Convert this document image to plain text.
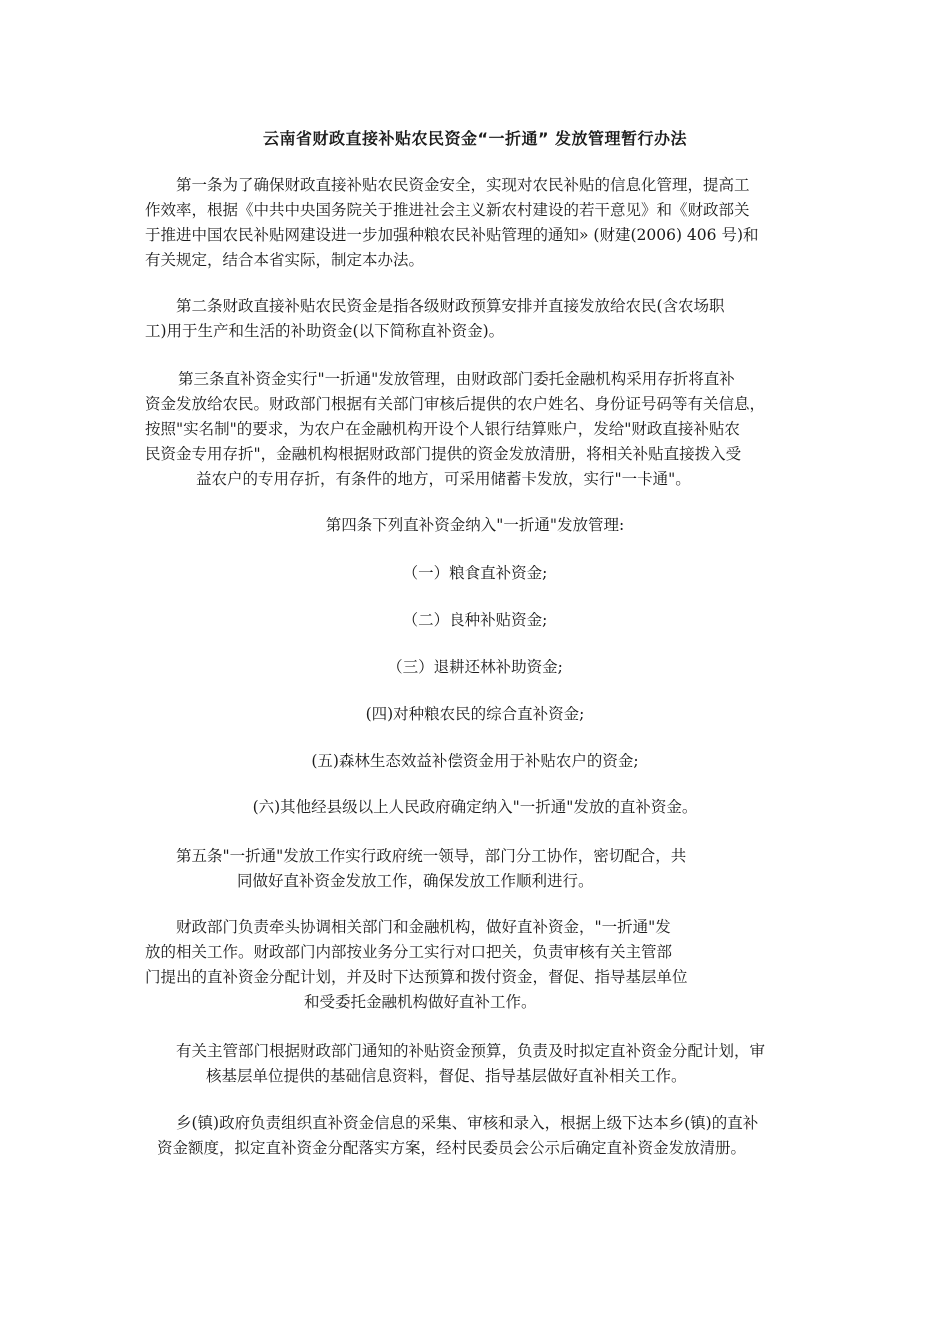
云南省财政直接补贴农民资金“一折通” 发放管理暂行办法
第一条为了确保财政直接补贴农民资金安全，实现对农民补贴的信息化管理，提高工
作效率，根据《中共中央国务院关于推进社会主义新农村建设的若干意见》和《财政部关
于推进中国农民补贴网建设进一步加强种粮农民补贴管理的通知» (财建(2006) 406 号)和
有关规定，结合本省实际，制定本办法。
第二条财政直接补贴农民资金是指各级财政预算安排并直接发放给农民(含农场职
工)用于生产和生活的补助资金(以下简称直补资金)。
第三条直补资金实行"一折通"发放管理，由财政部门委托金融机构采用存折将直补
资金发放给农民。财政部门根据有关部门审核后提供的农户姓名、身份证号码等有关信息，
按照"实名制"的要求，为农户在金融机构开设个人银行结算账户，发给"财政直接补贴农
民资金专用存折"，金融机构根据财政部门提供的资金发放清册，将相关补贴直接拨入受
益农户的专用存折，有条件的地方，可采用储蓄卡发放，实行"一卡通"。
第四条下列直补资金纳入"一折通"发放管理:
（一）粮食直补资金;
（二）良种补贴资金;
（三）退耕还林补助资金;
(四)对种粮农民的综合直补资金;
(五)森林生态效益补偿资金用于补贴农户的资金;
(六)其他经县级以上人民政府确定纳入"一折通"发放的直补资金。
第五条"一折通"发放工作实行政府统一领导，部门分工协作，密切配合，共
同做好直补资金发放工作，确保发放工作顺利进行。
财政部门负责牵头协调相关部门和金融机构，做好直补资金，"一折通"发
放的相关工作。财政部门内部按业务分工实行对口把关，负责审核有关主管部
门提出的直补资金分配计划，并及时下达预算和拨付资金，督促、指导基层单位
和受委托金融机构做好直补工作。
有关主管部门根据财政部门通知的补贴资金预算，负责及时拟定直补资金分配计划，审
核基层单位提供的基础信息资料，督促、指导基层做好直补相关工作。
乡(镇)政府负责组织直补资金信息的采集、审核和录入，根据上级下达本乡(镇)的直补
资金额度，拟定直补资金分配落实方案，经村民委员会公示后确定直补资金发放清册。
